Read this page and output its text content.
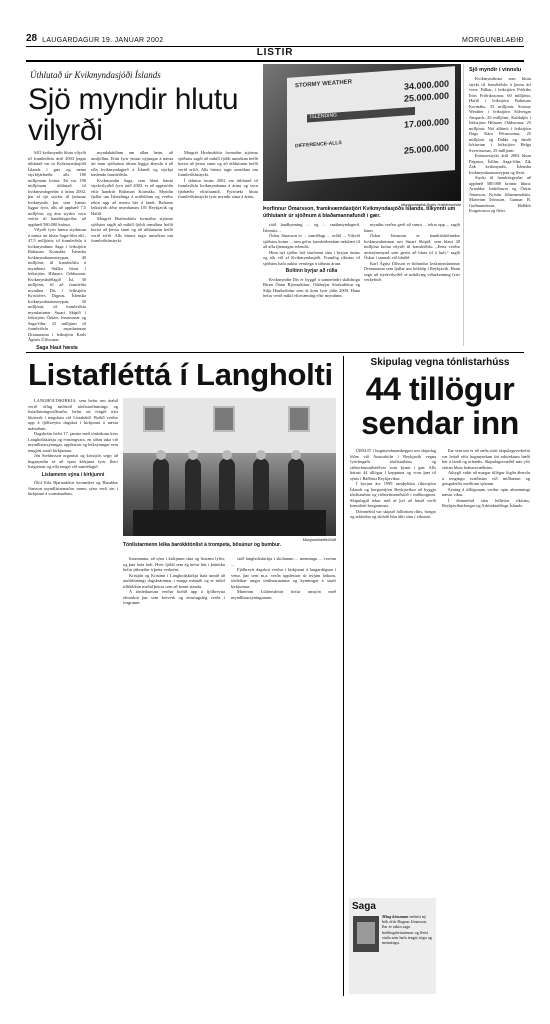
28 LAUGARDAGUR 19. JANÚAR 2002	MORGUNBLAÐIÐ
LISTIR
Úthlutað úr Kvikmyndasjóði Íslands
Sjö myndir hlutu vilyrði
STORMY WEATHER	34.000.000
25.000.000
ÍSLENDING
17.000.000
DIFFERENCE-ALLS	25.000.000
Morgunblaðið/Ásdís Halldórsdóttir
Þorfinnur Ómarsson, framkvæmdastjóri Kvikmyndasjóðs Íslands, tilkynnti um úthlutanir úr sjóðnum á blaðamannafundi í gær.

SJÖ kvikmyndir hlutu vilyrði til framleiðslu árið 2003 þegar úthlutað var úr Kvikmyndasjóði Íslands í gær og nema styrkfjárhæðir alls 180 milljónum króna. Þá var 196 milljónum úthlutað til kvikmyndagerðar á árinu 2002, þar af sjö styrkir til þróunar kvikmynda þar sem hæstir liggur fyrir, alls að upphæð 7,5 milljónir, og átta styrkir voru veittir til handritsgerðar, að upphæð 580.000 krónur.

Vilyrði fyrir hæsta styrknum á næsta ári hlutu Saga-film ehf., 47,5 milljónir, til framleiðslu á kvikmyndinni Saga í leikstjórn Baltasars Kormáks. Íslenska kvikmyndasamsteypan, 40 milljónir, til framleiðslu á myndinni Stúlka hlaut í leikstjórn Hilmars Oddssonar. Kvikmyndafélagið Ísl, 30 milljónir, til að framleiða myndina Dís í leikstjórn Kristófers Dignus, Íslenska kvikmyndasamsteypan, 30 milljónir, til framleiðslu myndarinnar Stuart Skipið í leikstjórn Óskars Jónassonar og Saga-film, 25 milljónir til framleiðslu myndarinnar Dramarama í leikstjórn Karls Ágústs Úlfssonar.

Saga hlaut hæsta

myndahátíðum um allan heim, að umfjöllun. Þrátt fyrir ýmsar nýjungar á næsta ári mun sjóðurinn áfram leggja áherslu á að efla kvikmyndagerð á Íslandi og styrkja innlenda framleiðslu.

Kvikmyndin Saga, sem hlaut hæsta styrkvilyrðið fyrir árið 2003, er að uppistöðu eftir handriti Baltasars Kormáks. Myndin fjallar um Íslendinga á miðöldum og verður tekin upp að mestu hér á landi. Baltasar leikstýrði áður myndunum 101 Reykjavík og Hafið.

Margrét Hrafnsdóttir formaður stjórnar sjóðsins sagði að mikill fjöldi umsókna hefði borist að þessu sinni og að úthlutunin hefði verið erfið. Alls bárust tugir umsókna um framleiðslustyrki.

Margrét Hrafnsdóttir formaður stjórnar sjóðsins sagði að mikill fjöldi umsókna hefði borist að þessu sinni og að úthlutunin hefði verið erfið. Alls bárust tugir umsókna um framleiðslustyrki.

Í útlutun ársins 2002 var úthlutuð til framleiðslu kvikmyndanna á árinu og voru fjárhæðir eftirfarandi. Fyrirtæki hlutu framleiðslustyrki fyrir myndir sínar á árinu.

ritið landkynning ... og ... smákmyndagerð. Íslenska ...

Óskar Jónasson er ... samfélagi ... orðið ... Vilyrði sjóðsins koma ... sem gefur framleiðendum tækifæri til að afla fjármagns erlendis.

Hinn nýi sjóður hóf starfsemi sína í byrjun ársins og tók við af Kvikmyndasjóði. Framlög ríkisins til sjóðsins hafa aukist verulega á síðustu árum.

Boltinn byrjar að rúlla

Kvikmyndin Dís er byggð á samnefndri skáldsögu Birnu Önnu Björnsdóttur, Oddnýjar Sturludóttur og Silju Hauksdóttur sem út kom fyrir jólin 2000. Hana hefur verið mikil eftirvænting eftir myndinni.

myndin verður gerð að sumri ... tekin upp ... sagði hann.

Óskar Jónasson er handritshöfundur kvikmyndarinnar um Stuart Skipið, sem hlaut 30 milljóna króna vilyrði til framleiðslu. „Þetta verður ævintýramynd sem gerist að hluta til á hafi,“ sagði Óskar í samtali við blaðið.

Karl Ágúst Úlfsson er höfundur kvikmyndarinnar Dramarama sem fjallar um leikhóp í Reykjavík. Hann segir að styrkvilyrðið sé mikilvæg viðurkenning fyrir verkefnið.

Sjö myndir í vinnslu

Kvikmyndirnar sem hlutu styrki til framleiðslu á þessu ári voru: Fálkar, í leikstjórn Friðriks Þórs Friðrikssonar, 60 milljónir, Hafið í leikstjórn Baltasars Kormáks, 35 milljónir, Stormy Weather í leikstjórn Sólveigar Anspach, 26 milljónir, Kaldaljós í leikstjórn Hilmars Oddssonar, 25 milljónir, Nói albínói í leikstjórn Dags Kára Péturssonar, 25 milljónir og Didda og dauði kötturinn í leikstjórn Helga Sverrissonar, 25 milljónir.

Þróunarstyrki árið 2002 hlutu Pegasus, Ísfilm, Saga-film, Zik Zak kvikmyndir, Íslenska kvikmyndasamsteypan og fleiri.

Styrki til handritsgerðar að upphæð 580.000 krónur hlutu: Arnaldur Indriðason og Óskar Jónasson, Kristín Jóhannesdóttir, Marteinn Þórisson, Gunnar B. Guðmundsson, Halldór Þorgeirsson og fleiri.

Listafléttá í Langholti
Morgunblaðið/Golli
Tónlistarmenn leika barokktónlist á trompeta, bösúnur og bumbur.

LANGHOLTSKIRKJA, sem hefur um árabil verið öflug miðstöð tónlistarflutnings og listaflutningsviðburða, hefur nú fengið nýtt hlutverk í tengslum við Listahátíð. Boðið verður upp á fjölbreytta dagskrá í kirkjunni á næstu mánuðum.

Dagskráin hefst 17. janúar með tónleikum kórs Langholtskirkju og einsöngvara, en síðan taka við myndlistarsýningar, upplestrar og leiksýningar sem tengjast starfi kirkjunnar.

Jón Stefánsson organisti og kórstjóri segir að hugmyndin sé að opna kirkjuna fyrir fleiri listgreinar og efla tengsl við samfélagið.

Listamenn sýna í kirkjunni

Ólöf Erla Bjarnadóttir keramiker og Haraldur Jónsson myndlistarmaður munu sýna verk sín í kirkjunni á vormánuðum.

listamanna, að sýna í kirkjunni sína og listrænt lyftir, og þær hafa haft. Hver fjöldi sem ég hefur hitt í þátttöku hefur jákvæður á þetta verkefni.

Kristján og Kristinn í Langholtskirkju hafa unnið að undirbúningi dagskrárinnar í marga mánuði og er mikil tilhlökkun meðal þeirra sem að henni standa.

Á tónleikunum verður boðið upp á fjölbreytta efnisskrá þar sem kórverk og einsöngslög verða í forgrunni.

stóð langholtskirkju í skólanum ... menningu ... vorönn ...

Fjölbreytt dagskrá verður í kirkjunni á laugardögum í vetur, þar sem m.a. verða upplestrar úr nýjum bókum, tónleikar ungra tónlistarmanna og kynningar á starfi kirkjunnar.

Marteinn Lúthersdóttir hefur umsjón með myndlistarsýningunum.

Skipulag vegna tónlistarhúss
44 tillögur sendar inn

ÚRSLIT í hugmyndasamkeppni um skipulag lóðar við Austurhöfn í Reykjavík vegna fyrirhugaðs tónlistarhúss og ráðstefnumiðstöðvar voru kynnt í gær. Alls bárust 44 tillögur í keppnina og voru þær til sýnis í Ráðhúsi Reykjavíkur.

Í byrjun árs 1999 samþykktu ríkisstjórn Íslands og borgarstjórn Reykjavíkur að byggja tónlistarhús og ráðstefnumiðstöð í miðborginni. Skipulagið tekur mið af því að húsið verði kennileiti borgarinnar.

Dómnefnd var skipuð fulltrúum ríkis, borgar og arkitekta og skilaði hún áliti sínu í vikunni.

Þar sem um er að ræða stórt skipulagsverkefni var leitað eftir hugmyndum frá arkitektum bæði hér á landi og erlendis. Skipulagssvæðið nær yfir stóran hluta hafnarsvæðisins.

Athygli vakti að margar tillögur lögðu áherslu á tengingu svæðisins við miðbæinn og gönguleiðir meðfram sjónum.

Sýning á tillögunum verður opin almenningi næstu vikur.

Í dómnefnd sátu fulltrúar ríkisins, Reykjavíkurborgar og Arkitektafélags Íslands.

Saga
Ming kinsmum nefnist ný bók eftir Rognar Jónasson. Þar er rakin saga heiðingsbrúarinnar og fleiri staða sem hafa tengst sögu og menningu.
